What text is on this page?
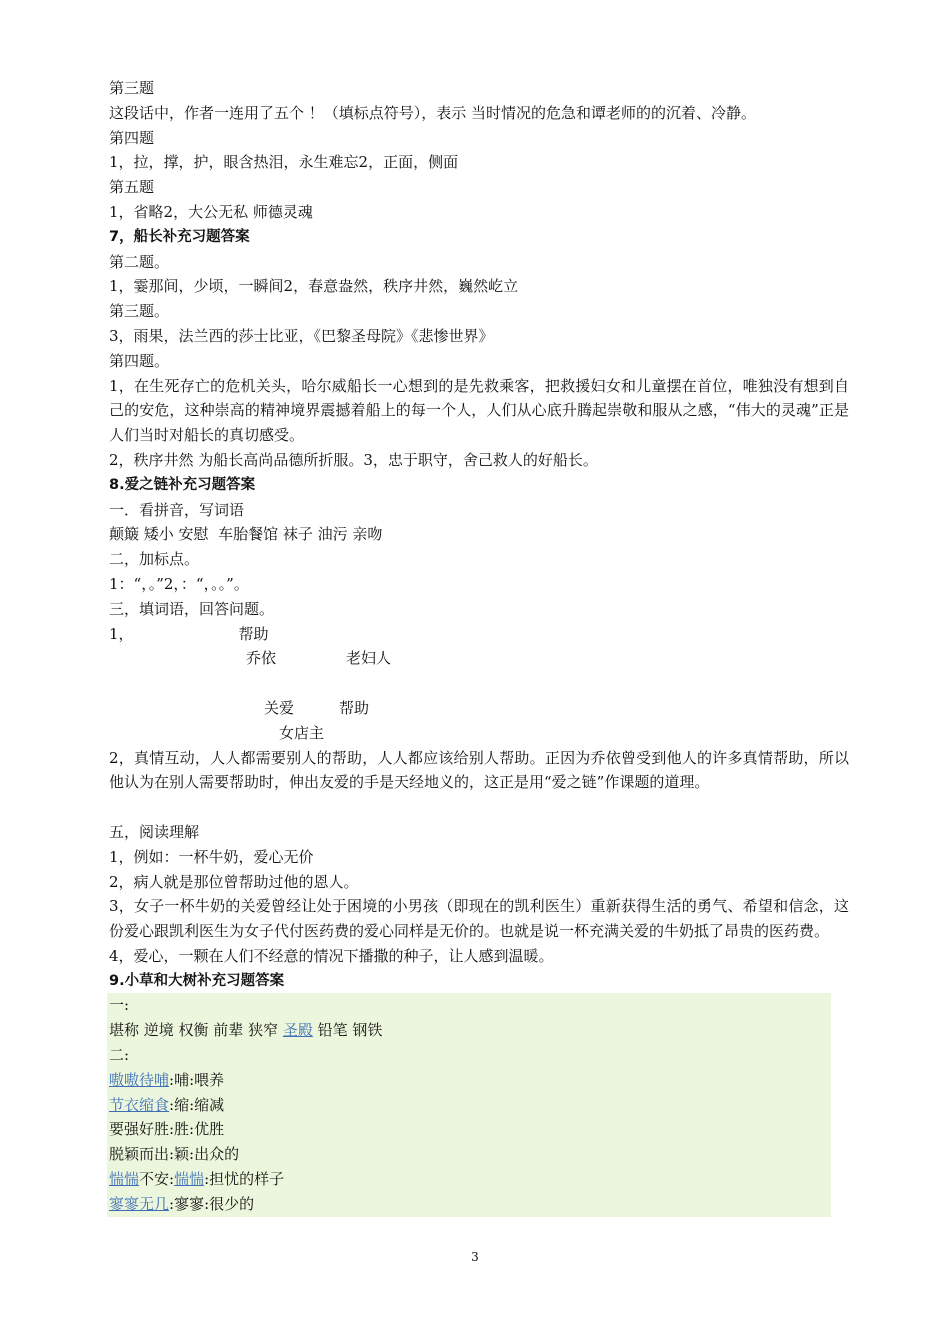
第三题
这段话中，作者一连用了五个 ！（填标点符号），表示 当时情况的危急和谭老师的的沉着、冷静。
第四题
1，拉，撑，护，眼含热泪，永生难忘2，正面，侧面
第五题
1，省略2，大公无私 师德灵魂
7，船长补充习题答案
第二题。
1，霎那间，少顷，一瞬间2，春意盎然，秩序井然，巍然屹立
第三题。
3，雨果，法兰西的莎士比亚，《巴黎圣母院》《悲惨世界》
第四题。
1，在生死存亡的危机关头，哈尔威船长一心想到的是先救乘客，把救援妇女和儿童摆在首位，唯独没有想到自己的安危，这种崇高的精神境界震撼着船上的每一个人，人们从心底升腾起崇敬和服从之感，“伟大的灵魂”正是人们当时对船长的真切感受。
2，秩序井然 为船长高尚品德所折服。3，忠于职守，舍己救人的好船长。
8.爱之链补充习题答案
一．看拼音，写词语
颠簸 矮小 安慰  车胎餐馆 袜子 油污 亲吻
二，加标点。
1：“，。”2，：“，。。”。
三，填词语，回答问题。
1，	帮助
乔依	老妇人
关爱	帮助
女店主
2，真情互动，人人都需要别人的帮助，人人都应该给别人帮助。正因为乔依曾受到他人的许多真情帮助，所以他认为在别人需要帮助时，伸出友爱的手是天经地义的，这正是用“爱之链”作课题的道理。
五，阅读理解
1，例如：一杯牛奶，爱心无价
2，病人就是那位曾帮助过他的恩人。
3，女子一杯牛奶的关爱曾经让处于困境的小男孩（即现在的凯利医生）重新获得生活的勇气、希望和信念，这份爱心跟凯利医生为女子代付医药费的爱心同样是无价的。也就是说一杯充满关爱的牛奶抵了昂贵的医药费。
4，爱心，一颗在人们不经意的情况下播撒的种子，让人感到温暖。
9.小草和大树补充习题答案
一:
堪称 逆境 权衡 前辈 狭窄 圣殿 铅笔 钢铁
二:
嗷嗷待哺:哺:喂养
节衣缩食:缩:缩减
要强好胜:胜:优胜
脱颖而出:颖:出众的
惴惴不安:惴惴:担忧的样子
寥寥无几:寥寥:很少的
3
